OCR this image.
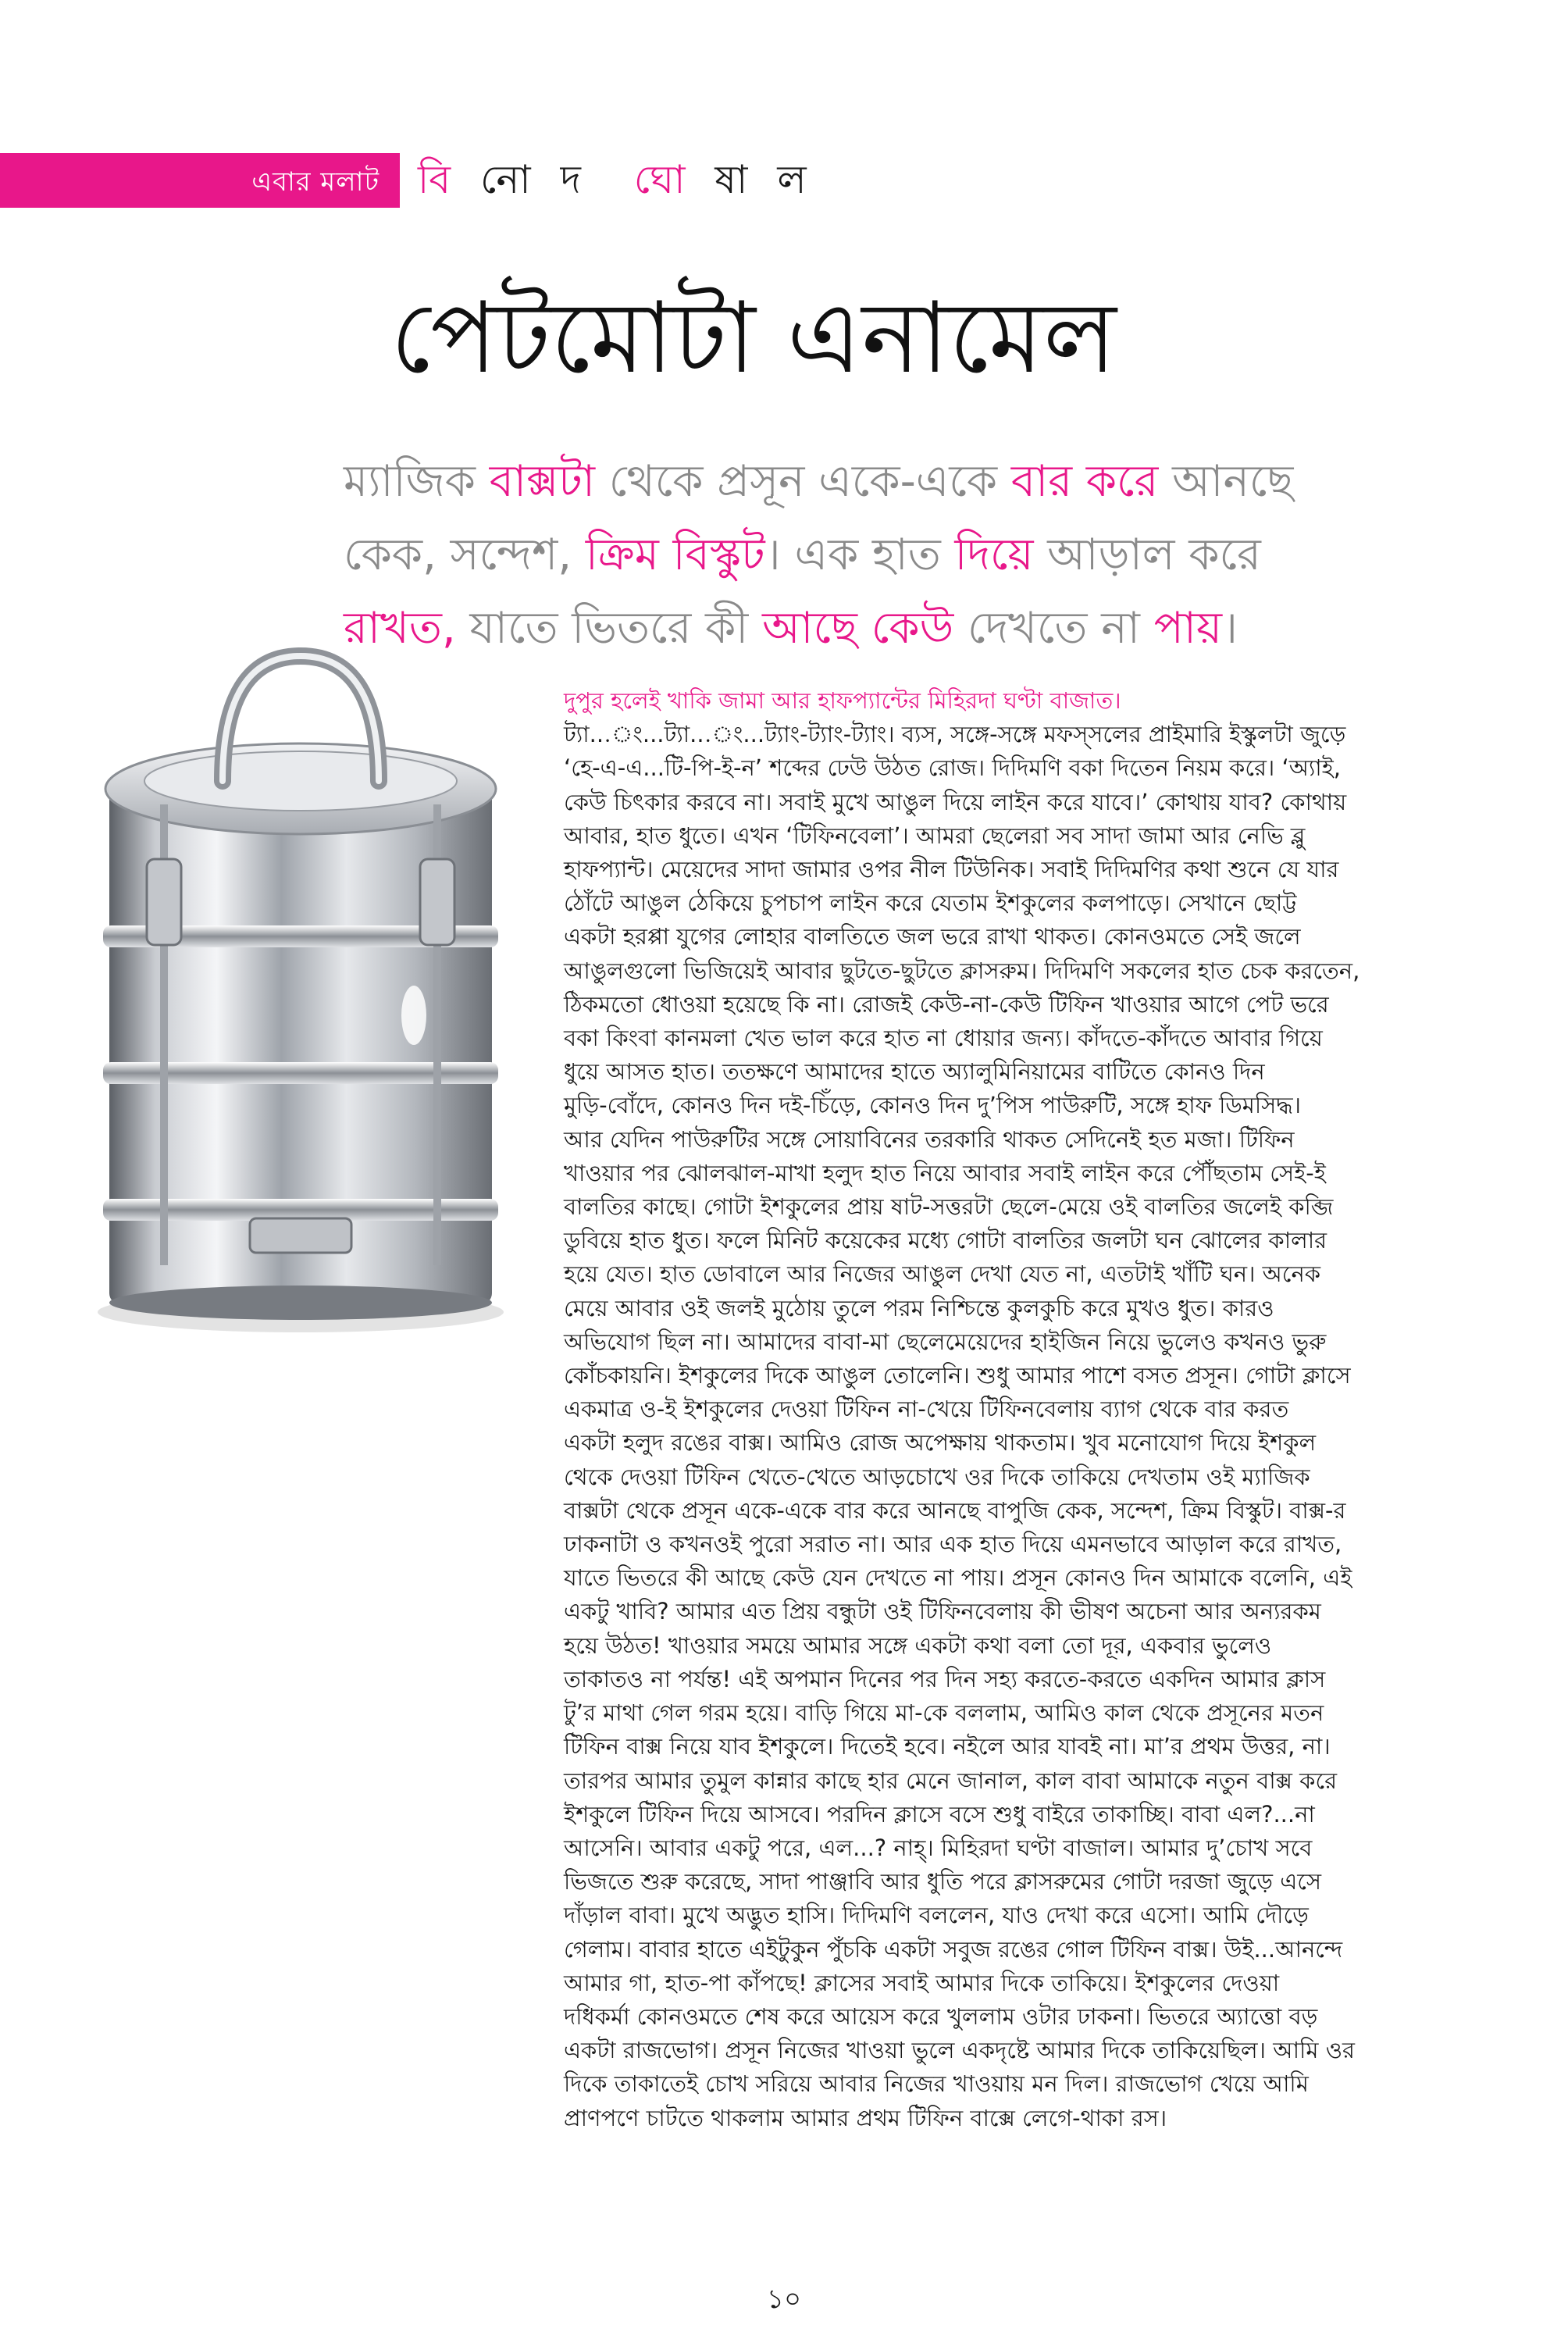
এবার মলাট বি নো দ ঘো ষা ল
পেটমোটা এনামেল

ম্যাজিক বাক্সটা থেকে প্রসূন একে-একে বার করে আনছে

কেক, সন্দেশ, ক্রিম বিস্কুট। এক হাত দিয়ে আড়াল করে

রাখত, যাতে ভিতরে কী আছে কেউ দেখতে না পায়।

দুপুর হলেই খাকি জামা আর হাফপ্যান্টের মিহিরদা ঘণ্টা বাজাত।

ট্যা...ং...ট্যা...ং...ট্যাং-ট্যাং-ট্যাং। ব্যস, সঙ্গে-সঙ্গে মফস্সলের প্রাইমারি ইস্কুলটা জুড়ে

‘হে-এ-এ...টি-পি-ই-ন’ শব্দের ঢেউ উঠত রোজ। দিদিমণি বকা দিতেন নিয়ম করে। ‘অ্যাই,

কেউ চিৎকার করবে না। সবাই মুখে আঙুল দিয়ে লাইন করে যাবে।’ কোথায় যাব? কোথায়

আবার, হাত ধুতে। এখন ‘টিফিনবেলা’। আমরা ছেলেরা সব সাদা জামা আর নেভি ব্লু

হাফপ্যান্ট। মেয়েদের সাদা জামার ওপর নীল টিউনিক। সবাই দিদিমণির কথা শুনে যে যার

ঠোঁটে আঙুল ঠেকিয়ে চুপচাপ লাইন করে যেতাম ইশকুলের কলপাড়ে। সেখানে ছোট্ট

একটা হরপ্পা যুগের লোহার বালতিতে জল ভরে রাখা থাকত। কোনওমতে সেই জলে

আঙুলগুলো ভিজিয়েই আবার ছুটতে-ছুটতে ক্লাসরুম। দিদিমণি সকলের হাত চেক করতেন,

ঠিকমতো ধোওয়া হয়েছে কি না। রোজই কেউ-না-কেউ টিফিন খাওয়ার আগে পেট ভরে

বকা কিংবা কানমলা খেত ভাল করে হাত না ধোয়ার জন্য। কাঁদতে-কাঁদতে আবার গিয়ে

ধুয়ে আসত হাত। ততক্ষণে আমাদের হাতে অ্যালুমিনিয়ামের বাটিতে কোনও দিন

মুড়ি-বোঁদে, কোনও দিন দই-চিঁড়ে, কোনও দিন দু’পিস পাউরুটি, সঙ্গে হাফ ডিমসিদ্ধ।

আর যেদিন পাউরুটির সঙ্গে সোয়াবিনের তরকারি থাকত সেদিনেই হত মজা। টিফিন

খাওয়ার পর ঝোলঝাল-মাখা হলুদ হাত নিয়ে আবার সবাই লাইন করে পৌঁছতাম সেই-ই

বালতির কাছে। গোটা ইশকুলের প্রায় ষাট-সত্তরটা ছেলে-মেয়ে ওই বালতির জলেই কব্জি

ডুবিয়ে হাত ধুত। ফলে মিনিট কয়েকের মধ্যে গোটা বালতির জলটা ঘন ঝোলের কালার

হয়ে যেত। হাত ডোবালে আর নিজের আঙুল দেখা যেত না, এতটাই খাঁটি ঘন। অনেক

মেয়ে আবার ওই জলই মুঠোয় তুলে পরম নিশ্চিন্তে কুলকুচি করে মুখও ধুত। কারও

অভিযোগ ছিল না। আমাদের বাবা-মা ছেলেমেয়েদের হাইজিন নিয়ে ভুলেও কখনও ভুরু

কোঁচকায়নি। ইশকুলের দিকে আঙুল তোলেনি। শুধু আমার পাশে বসত প্রসূন। গোটা ক্লাসে

একমাত্র ও-ই ইশকুলের দেওয়া টিফিন না-খেয়ে টিফিনবেলায় ব্যাগ থেকে বার করত

একটা হলুদ রঙের বাক্স। আমিও রোজ অপেক্ষায় থাকতাম। খুব মনোযোগ দিয়ে ইশকুল

থেকে দেওয়া টিফিন খেতে-খেতে আড়চোখে ওর দিকে তাকিয়ে দেখতাম ওই ম্যাজিক

বাক্সটা থেকে প্রসূন একে-একে বার করে আনছে বাপুজি কেক, সন্দেশ, ক্রিম বিস্কুট। বাক্স-র

ঢাকনাটা ও কখনওই পুরো সরাত না। আর এক হাত দিয়ে এমনভাবে আড়াল করে রাখত,

যাতে ভিতরে কী আছে কেউ যেন দেখতে না পায়। প্রসূন কোনও দিন আমাকে বলেনি, এই

একটু খাবি? আমার এত প্রিয় বন্ধুটা ওই টিফিনবেলায় কী ভীষণ অচেনা আর অন্যরকম

হয়ে উঠত! খাওয়ার সময়ে আমার সঙ্গে একটা কথা বলা তো দূর, একবার ভুলেও

তাকাতও না পর্যন্ত! এই অপমান দিনের পর দিন সহ্য করতে-করতে একদিন আমার ক্লাস

টু’র মাথা গেল গরম হয়ে। বাড়ি গিয়ে মা-কে বললাম, আমিও কাল থেকে প্রসূনের মতন

টিফিন বাক্স নিয়ে যাব ইশকুলে। দিতেই হবে। নইলে আর যাবই না। মা’র প্রথম উত্তর, না।

তারপর আমার তুমুল কান্নার কাছে হার মেনে জানাল, কাল বাবা আমাকে নতুন বাক্স করে

ইশকুলে টিফিন দিয়ে আসবে। পরদিন ক্লাসে বসে শুধু বাইরে তাকাচ্ছি। বাবা এল?...না

আসেনি। আবার একটু পরে, এল...? নাহ্। মিহিরদা ঘণ্টা বাজাল। আমার দু’চোখ সবে

ভিজতে শুরু করেছে, সাদা পাঞ্জাবি আর ধুতি পরে ক্লাসরুমের গোটা দরজা জুড়ে এসে

দাঁড়াল বাবা। মুখে অদ্ভুত হাসি। দিদিমণি বললেন, যাও দেখা করে এসো। আমি দৌড়ে

গেলাম। বাবার হাতে এইটুকুন পুঁচকি একটা সবুজ রঙের গোল টিফিন বাক্স। উই...আনন্দে

আমার গা, হাত-পা কাঁপছে! ক্লাসের সবাই আমার দিকে তাকিয়ে। ইশকুলের দেওয়া

দধিকর্মা কোনওমতে শেষ করে আয়েস করে খুললাম ওটার ঢাকনা। ভিতরে অ্যাত্তো বড়

একটা রাজভোগ। প্রসূন নিজের খাওয়া ভুলে একদৃষ্টে আমার দিকে তাকিয়েছিল। আমি ওর

দিকে তাকাতেই চোখ সরিয়ে আবার নিজের খাওয়ায় মন দিল। রাজভোগ খেয়ে আমি

প্রাণপণে চাটতে থাকলাম আমার প্রথম টিফিন বাক্সে লেগে-থাকা রস।

১০
